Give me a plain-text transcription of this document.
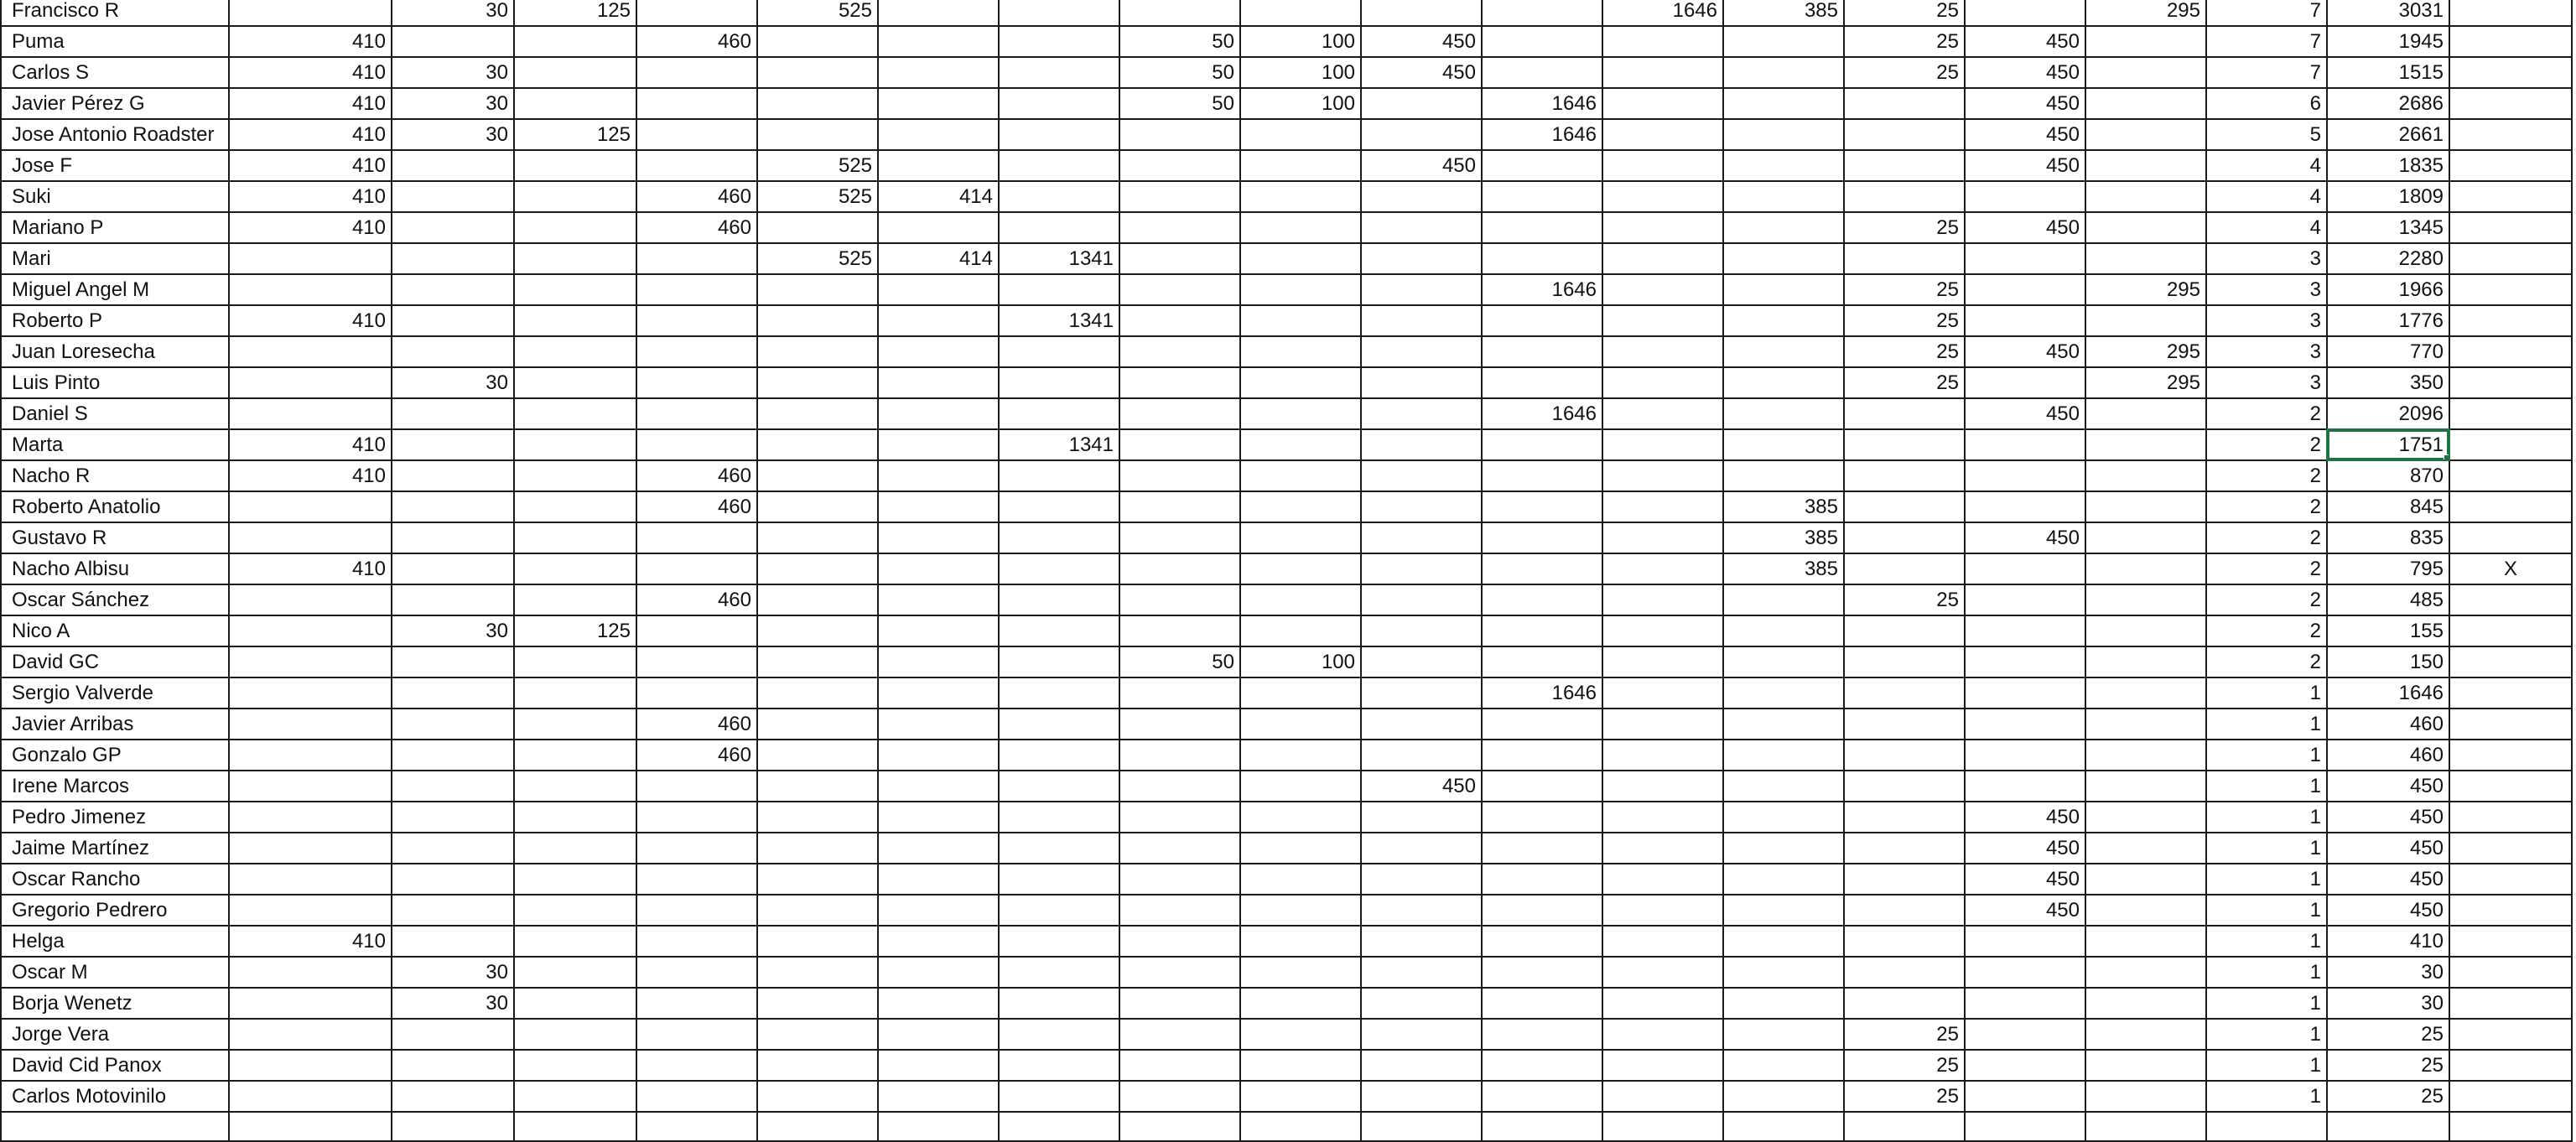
Francisco R		30	125		525							1646	385	25		295	7	3031	
Puma	410			460				50	100	450				25	450		7	1945	
Carlos S	410	30						50	100	450				25	450		7	1515	
Javier Pérez G	410	30						50	100		1646				450		6	2686	
Jose Antonio Roadster	410	30	125								1646				450		5	2661	
Jose F	410				525					450					450		4	1835	
Suki	410			460	525	414											4	1809	
Mariano P	410			460										25	450		4	1345	
Mari					525	414	1341										3	2280	
Miguel Angel M											1646			25		295	3	1966	
Roberto P	410						1341							25			3	1776	
Juan Loresecha														25	450	295	3	770	
Luis Pinto		30												25		295	3	350	
Daniel S											1646				450		2	2096	
Marta	410						1341										2	1751	
Nacho R	410			460													2	870	
Roberto Anatolio				460									385				2	845	
Gustavo R													385		450		2	835	
Nacho Albisu	410												385				2	795	X
Oscar Sánchez				460										25			2	485	
Nico A		30	125														2	155	
David GC								50	100								2	150	
Sergio Valverde											1646						1	1646	
Javier Arribas				460													1	460	
Gonzalo GP				460													1	460	
Irene Marcos										450							1	450	
Pedro Jimenez															450		1	450	
Jaime Martínez															450		1	450	
Oscar Rancho															450		1	450	
Gregorio Pedrero															450		1	450	
Helga	410																1	410	
Oscar M		30															1	30	
Borja Wenetz		30															1	30	
Jorge Vera														25			1	25	
David Cid Panox														25			1	25	
Carlos Motovinilo														25			1	25	
